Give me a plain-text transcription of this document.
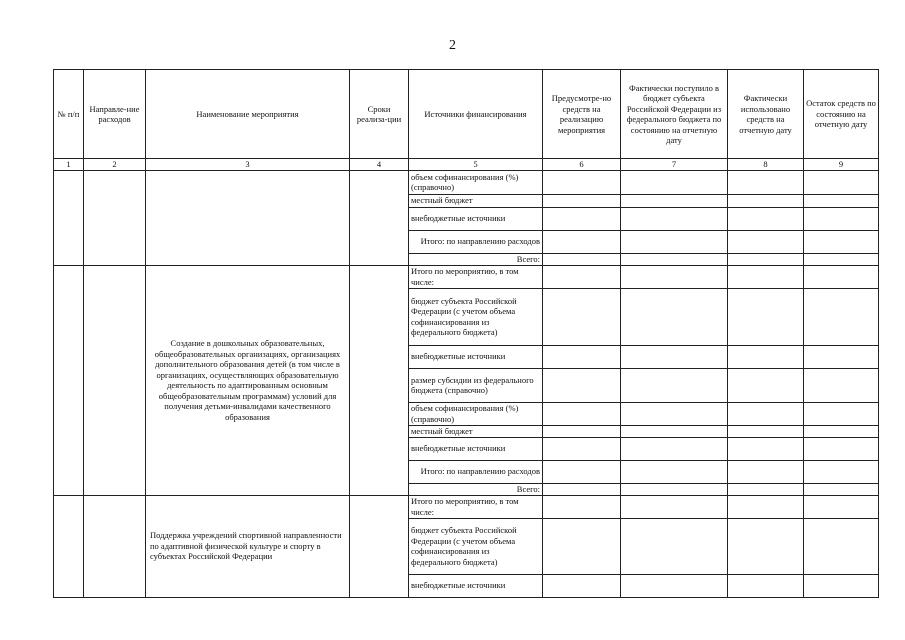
2
№ п/п	Направле-ние расходов	Наименование мероприятия	Сроки реализа-ции	Источники финансирования	Предусмотре-но средств на реализацию мероприятия	Фактически поступило в бюджет субъекта Российской Федерации из федерального бюджета по состоянию на отчетную дату	Фактически использовано средств на отчетную дату	Остаток средств по состоянию на отчетную дату
1	2	3	4	5	6	7	8	9
				объем софинансирования (%) (справочно)				
				местный бюджет				
				внебюджетные источники				
				Итого: по направлению расходов				
				Всего:				
		Создание в дошкольных образовательных, общеобразовательных организациях, организациях дополнительного образования детей (в том числе в организациях, осуществляющих образовательную деятельность по адаптированным основным общеобразовательным программам) условий для получения детьми-инвалидами качественного образования		Итого по мероприятию, в том числе:				
				бюджет субъекта Российской Федерации (с учетом объема софинансирования из федерального бюджета)				
				внебюджетные источники				
				размер субсидии из федерального бюджета (справочно)				
				объем софинансирования (%) (справочно)				
				местный бюджет				
				внебюджетные источники				
				Итого: по направлению расходов				
				Всего:				
		Поддержка учреждений спортивной направленности по адаптивной физической культуре и спорту в субъектах Российской Федерации		Итого по мероприятию, в том числе:				
				бюджет субъекта Российской Федерации (с учетом объема софинансирования из федерального бюджета)				
				внебюджетные источники				
